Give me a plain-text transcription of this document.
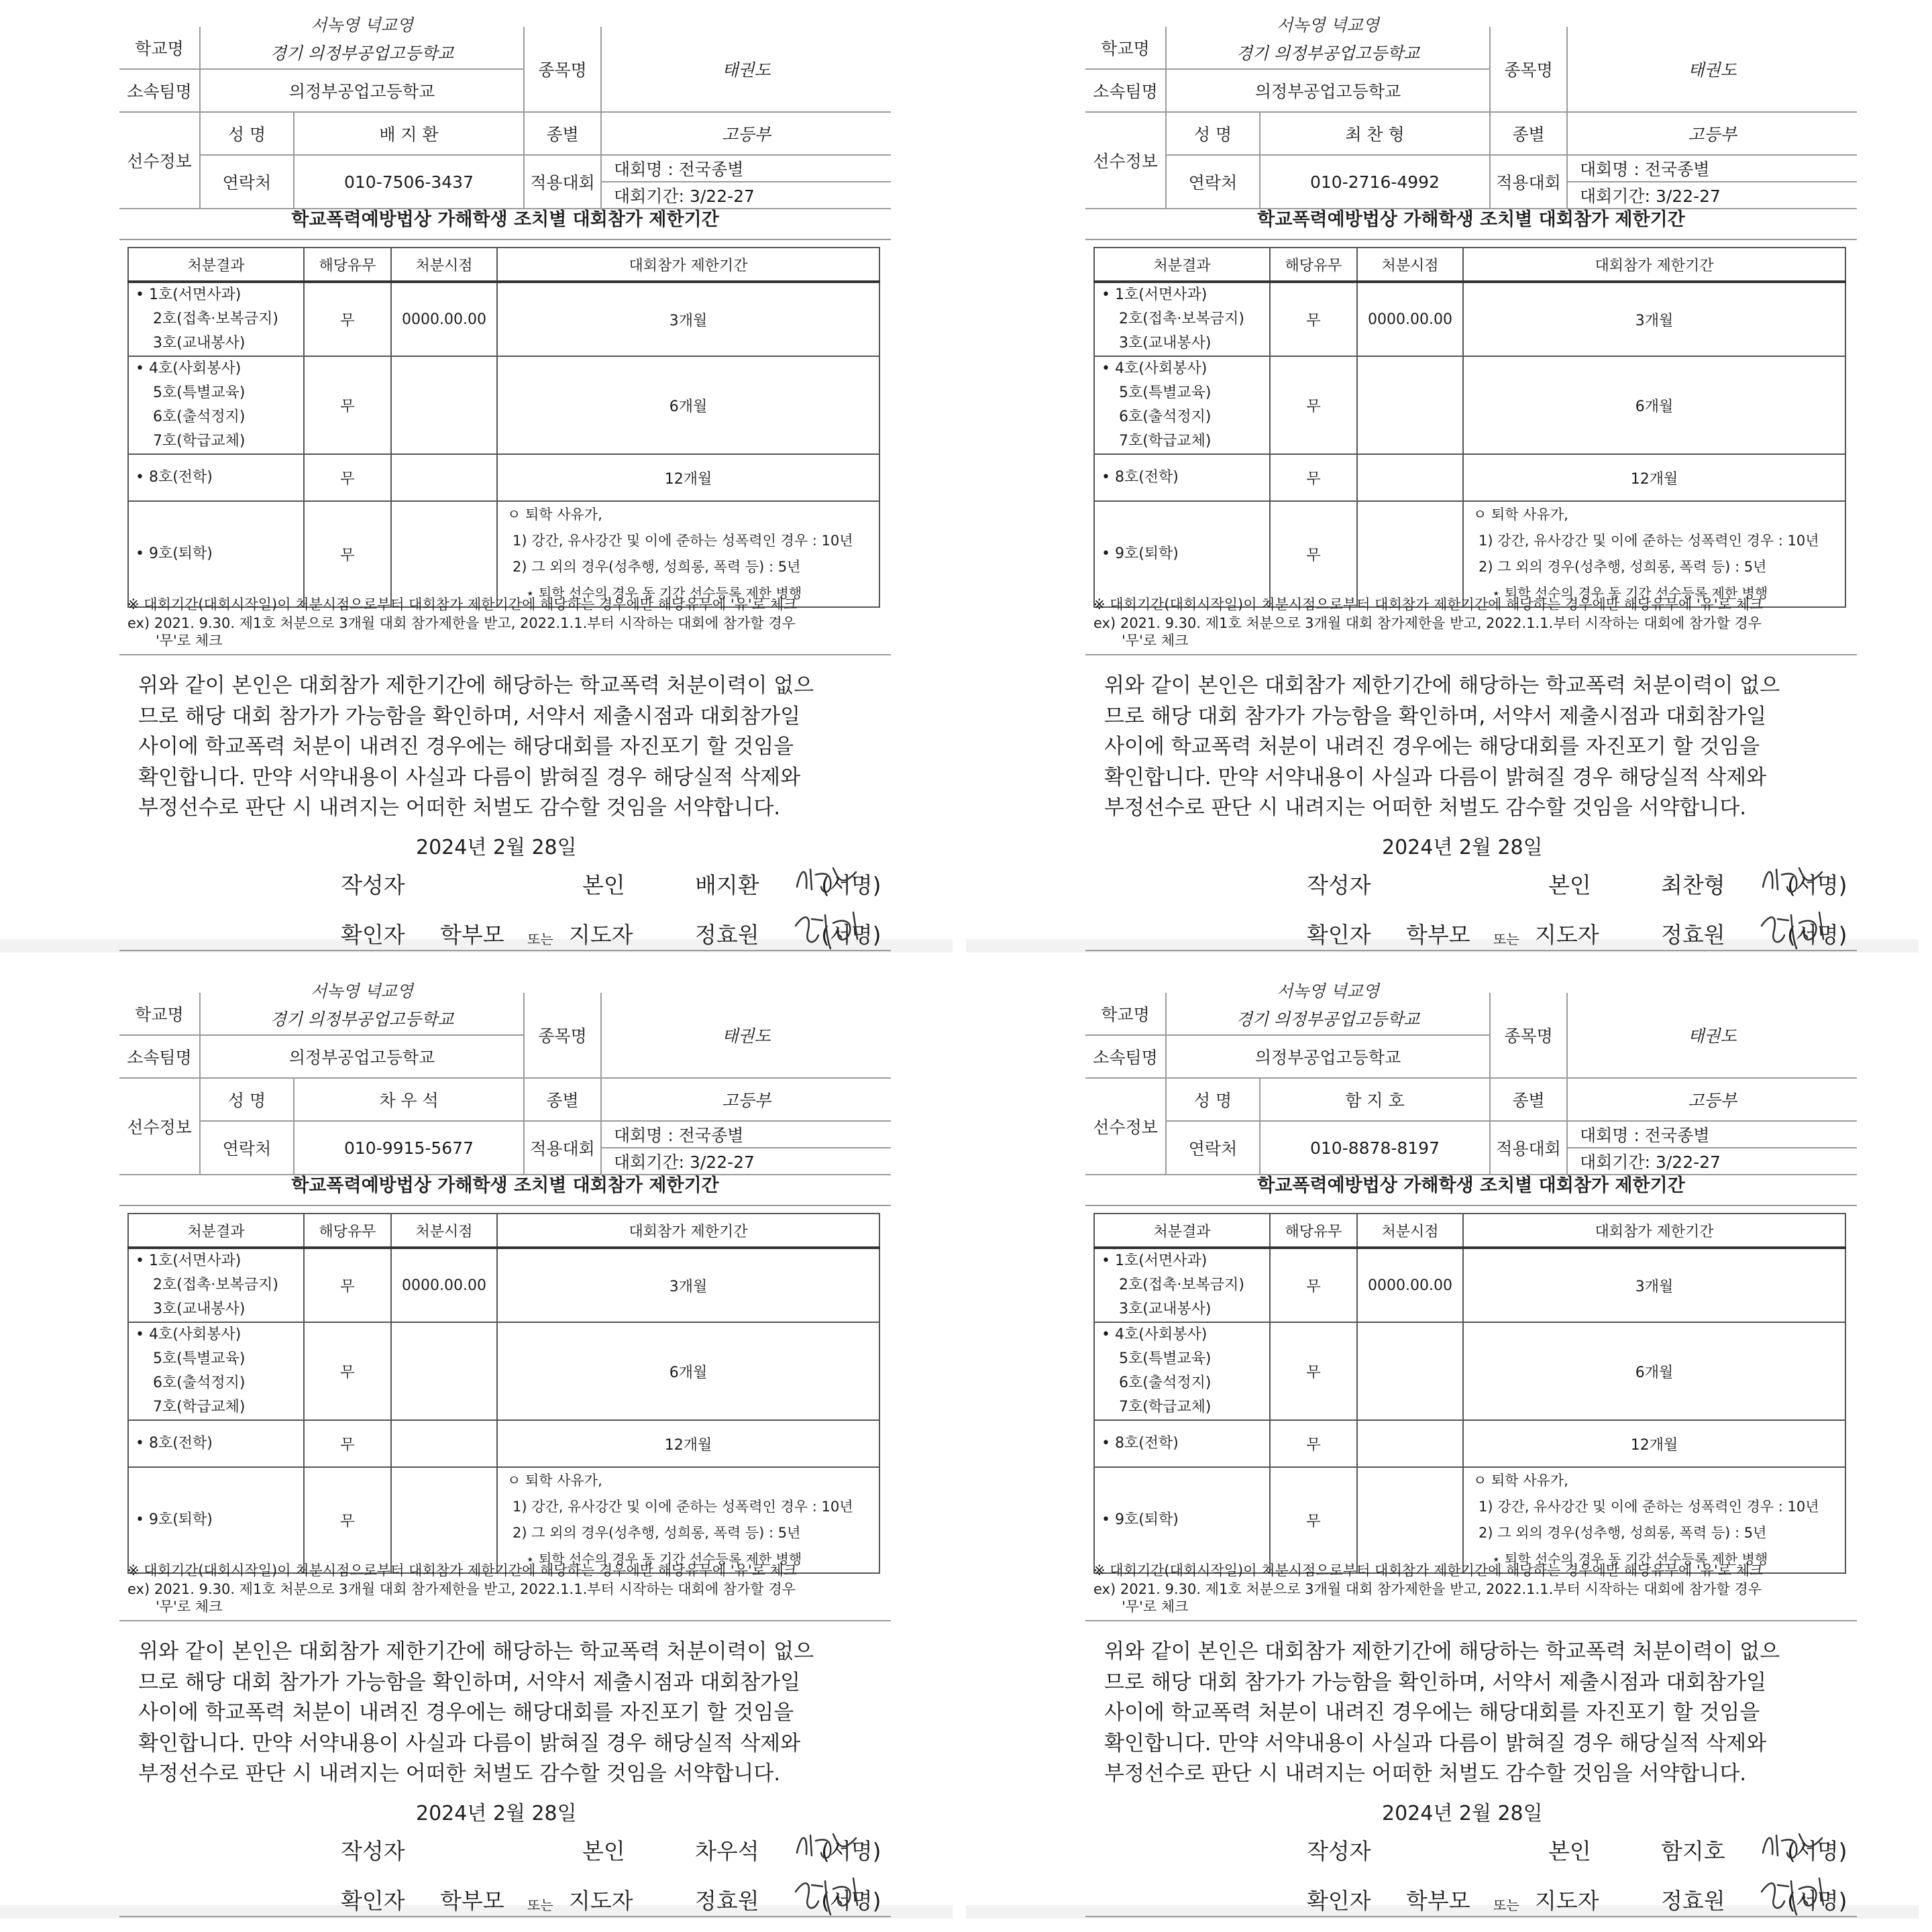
학교명	서녹영 녁교영
경기 의정부공업고등학교		종목명	태권도
소속팀명	의정부공업고등학교			
선수정보	성 명	배 지 환	종별	고등부
	연락처	010-7506-3437	적용대회	대회명 : 전국종별
				대회기간: 3/22-27
학교폭력예방법상 가해학생 조치별 대회참가 제한기간
처분결과	해당유무	처분시점	대회참가 제한기간

• 1호(서면사과)
2호(접촉·보복금지)
3호(교내봉사)	무	0000.00.00	3개월

• 4호(사회봉사)
5호(특별교육)
6호(출석정지)
7호(학급교체)	무		6개월

• 8호(전학)	무		12개월

• 9호(퇴학)	무		ㅇ 퇴학 사유가,
1) 강간, 유사강간 및 이에 준하는 성폭력인 경우 : 10년
2) 그 외의 경우(성추행, 성희롱, 폭력 등) : 5년
⋆ 퇴학 선수의 경우 동 기간 선수등록 제한 병행
※ 대회기간(대회시작일)이 처분시점으로부터 대회참가 제한기간에 해당하는 경우에만 해당유무에 '유'로 체크
ex) 2021. 9.30. 제1호 처분으로 3개월 대회 참가제한을 받고, 2022.1.1.부터 시작하는 대회에 참가할 경우
'무'로 체크
위와 같이 본인은 대회참가 제한기간에 해당하는 학교폭력 처분이력이 없으
므로 해당 대회 참가가 가능함을 확인하며, 서약서 제출시점과 대회참가일
사이에 학교폭력 처분이 내려진 경우에는 해당대회를 자진포기 할 것임을
확인합니다. 만약 서약내용이 사실과 다름이 밝혀질 경우 해당실적 삭제와
부정선수로 판단 시 내려지는 어떠한 처벌도 감수할 것임을 서약합니다.
2024년 2월 28일
작성자	본인	배지환	(서명)
확인자 학부모 또는 지도자	정효원	(서명)
학교명	서녹영 녁교영
경기 의정부공업고등학교		종목명	태권도
소속팀명	의정부공업고등학교			
선수정보	성 명	최 찬 형	종별	고등부
	연락처	010-2716-4992	적용대회	대회명 : 전국종별
				대회기간: 3/22-27
학교폭력예방법상 가해학생 조치별 대회참가 제한기간
처분결과	해당유무	처분시점	대회참가 제한기간

• 1호(서면사과)
2호(접촉·보복금지)
3호(교내봉사)	무	0000.00.00	3개월

• 4호(사회봉사)
5호(특별교육)
6호(출석정지)
7호(학급교체)	무		6개월

• 8호(전학)	무		12개월

• 9호(퇴학)	무		ㅇ 퇴학 사유가,
1) 강간, 유사강간 및 이에 준하는 성폭력인 경우 : 10년
2) 그 외의 경우(성추행, 성희롱, 폭력 등) : 5년
⋆ 퇴학 선수의 경우 동 기간 선수등록 제한 병행
※ 대회기간(대회시작일)이 처분시점으로부터 대회참가 제한기간에 해당하는 경우에만 해당유무에 '유'로 체크
ex) 2021. 9.30. 제1호 처분으로 3개월 대회 참가제한을 받고, 2022.1.1.부터 시작하는 대회에 참가할 경우
'무'로 체크
위와 같이 본인은 대회참가 제한기간에 해당하는 학교폭력 처분이력이 없으
므로 해당 대회 참가가 가능함을 확인하며, 서약서 제출시점과 대회참가일
사이에 학교폭력 처분이 내려진 경우에는 해당대회를 자진포기 할 것임을
확인합니다. 만약 서약내용이 사실과 다름이 밝혀질 경우 해당실적 삭제와
부정선수로 판단 시 내려지는 어떠한 처벌도 감수할 것임을 서약합니다.
2024년 2월 28일
작성자	본인	최찬형	(서명)
확인자 학부모 또는 지도자	정효원	(서명)
학교명	서녹영 녁교영
경기 의정부공업고등학교		종목명	태권도
소속팀명	의정부공업고등학교			
선수정보	성 명	차 우 석	종별	고등부
	연락처	010-9915-5677	적용대회	대회명 : 전국종별
				대회기간: 3/22-27
학교폭력예방법상 가해학생 조치별 대회참가 제한기간
처분결과	해당유무	처분시점	대회참가 제한기간

• 1호(서면사과)
2호(접촉·보복금지)
3호(교내봉사)	무	0000.00.00	3개월

• 4호(사회봉사)
5호(특별교육)
6호(출석정지)
7호(학급교체)	무		6개월

• 8호(전학)	무		12개월

• 9호(퇴학)	무		ㅇ 퇴학 사유가,
1) 강간, 유사강간 및 이에 준하는 성폭력인 경우 : 10년
2) 그 외의 경우(성추행, 성희롱, 폭력 등) : 5년
⋆ 퇴학 선수의 경우 동 기간 선수등록 제한 병행
※ 대회기간(대회시작일)이 처분시점으로부터 대회참가 제한기간에 해당하는 경우에만 해당유무에 '유'로 체크
ex) 2021. 9.30. 제1호 처분으로 3개월 대회 참가제한을 받고, 2022.1.1.부터 시작하는 대회에 참가할 경우
'무'로 체크
위와 같이 본인은 대회참가 제한기간에 해당하는 학교폭력 처분이력이 없으
므로 해당 대회 참가가 가능함을 확인하며, 서약서 제출시점과 대회참가일
사이에 학교폭력 처분이 내려진 경우에는 해당대회를 자진포기 할 것임을
확인합니다. 만약 서약내용이 사실과 다름이 밝혀질 경우 해당실적 삭제와
부정선수로 판단 시 내려지는 어떠한 처벌도 감수할 것임을 서약합니다.
2024년 2월 28일
작성자	본인	차우석	(서명)
확인자 학부모 또는 지도자	정효원	(서명)
학교명	서녹영 녁교영
경기 의정부공업고등학교		종목명	태권도
소속팀명	의정부공업고등학교			
선수정보	성 명	함 지 호	종별	고등부
	연락처	010-8878-8197	적용대회	대회명 : 전국종별
				대회기간: 3/22-27
학교폭력예방법상 가해학생 조치별 대회참가 제한기간
처분결과	해당유무	처분시점	대회참가 제한기간

• 1호(서면사과)
2호(접촉·보복금지)
3호(교내봉사)	무	0000.00.00	3개월

• 4호(사회봉사)
5호(특별교육)
6호(출석정지)
7호(학급교체)	무		6개월

• 8호(전학)	무		12개월

• 9호(퇴학)	무		ㅇ 퇴학 사유가,
1) 강간, 유사강간 및 이에 준하는 성폭력인 경우 : 10년
2) 그 외의 경우(성추행, 성희롱, 폭력 등) : 5년
⋆ 퇴학 선수의 경우 동 기간 선수등록 제한 병행
※ 대회기간(대회시작일)이 처분시점으로부터 대회참가 제한기간에 해당하는 경우에만 해당유무에 '유'로 체크
ex) 2021. 9.30. 제1호 처분으로 3개월 대회 참가제한을 받고, 2022.1.1.부터 시작하는 대회에 참가할 경우
'무'로 체크
위와 같이 본인은 대회참가 제한기간에 해당하는 학교폭력 처분이력이 없으
므로 해당 대회 참가가 가능함을 확인하며, 서약서 제출시점과 대회참가일
사이에 학교폭력 처분이 내려진 경우에는 해당대회를 자진포기 할 것임을
확인합니다. 만약 서약내용이 사실과 다름이 밝혀질 경우 해당실적 삭제와
부정선수로 판단 시 내려지는 어떠한 처벌도 감수할 것임을 서약합니다.
2024년 2월 28일
작성자	본인	함지호	(서명)
확인자 학부모 또는 지도자	정효원	(서명)
